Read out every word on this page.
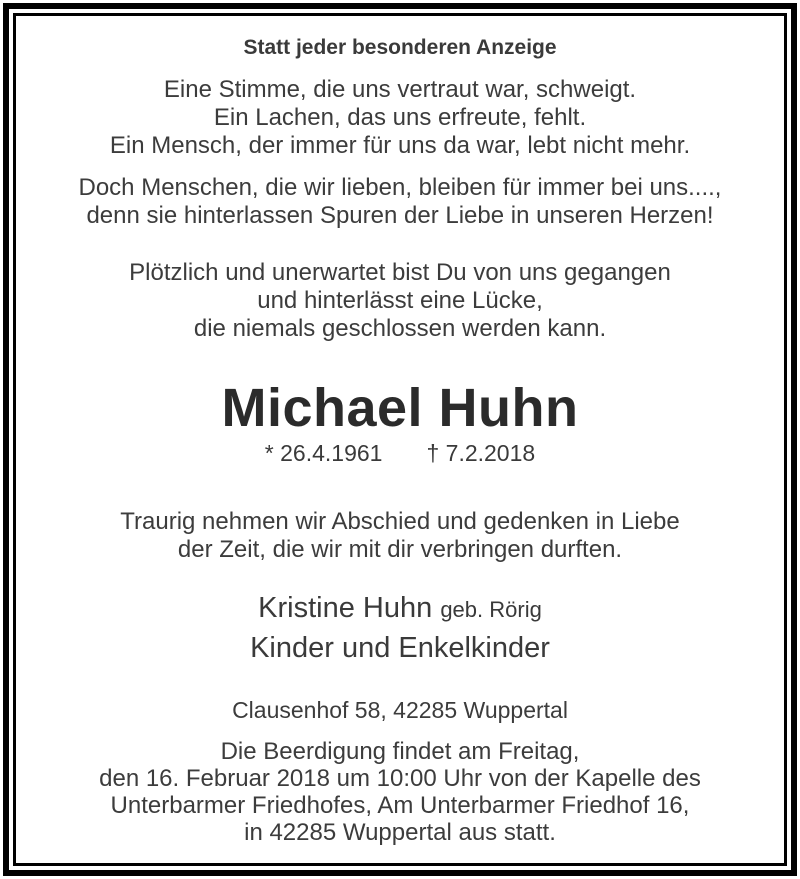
Statt jeder besonderen Anzeige
Eine Stimme, die uns vertraut war, schweigt.
Ein Lachen, das uns erfreute, fehlt.
Ein Mensch, der immer für uns da war, lebt nicht mehr.
Doch Menschen, die wir lieben, bleiben für immer bei uns....,
denn sie hinterlassen Spuren der Liebe in unseren Herzen!
Plötzlich und unerwartet bist Du von uns gegangen
und hinterlässt eine Lücke,
die niemals geschlossen werden kann.
Michael Huhn
* 26.4.1961 † 7.2.2018
Traurig nehmen wir Abschied und gedenken in Liebe
der Zeit, die wir mit dir verbringen durften.
Kristine Huhn geb. Rörig
Kinder und Enkelkinder
Clausenhof 58, 42285 Wuppertal
Die Beerdigung findet am Freitag,
den 16. Februar 2018 um 10:00 Uhr von der Kapelle des
Unterbarmer Friedhofes, Am Unterbarmer Friedhof 16,
in 42285 Wuppertal aus statt.
